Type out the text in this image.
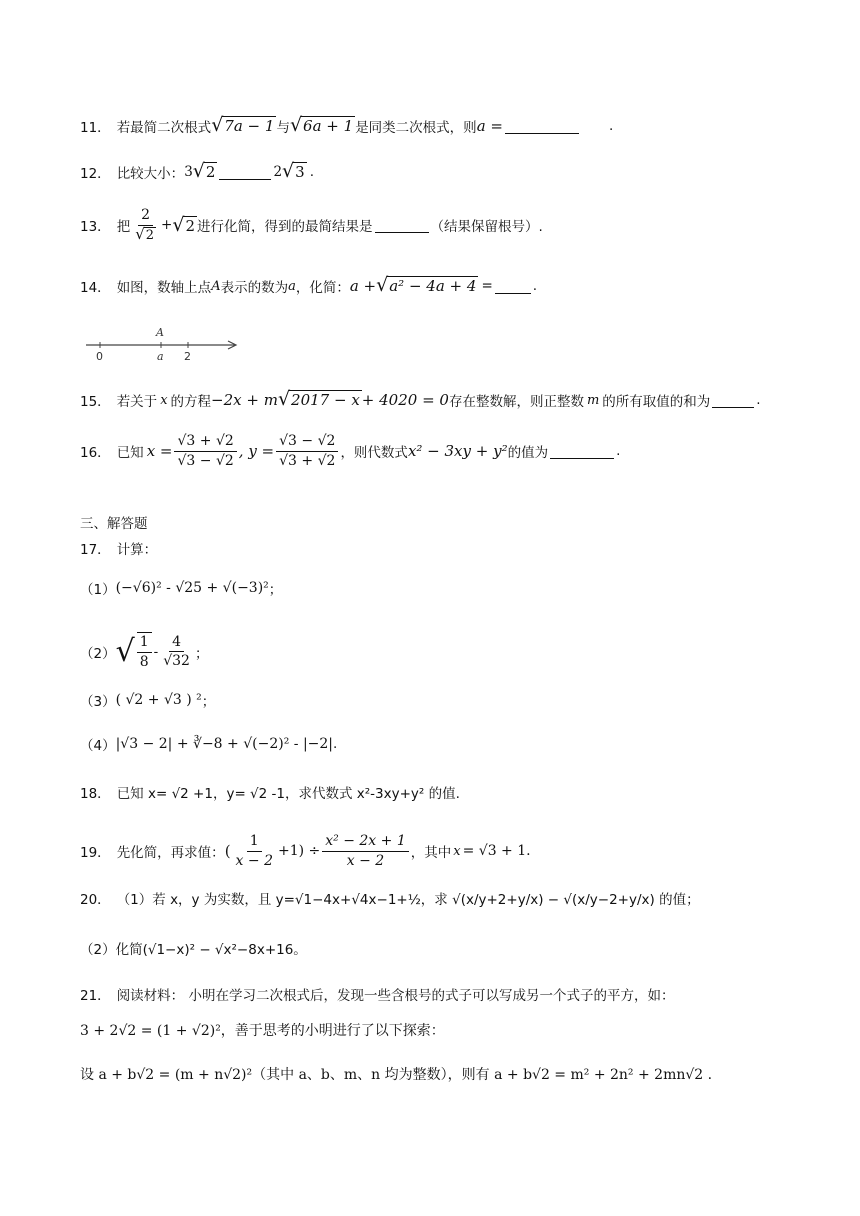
11． 若最简二次根式 √ 7a − 1 与 √ 6a + 1 是同类二次根式，则 a =	.
12． 比较大小： 3 √ 2	2 √ 3 .
13． 把 $\frac{2}{√ 2}$ + √ 2 进行化简，得到的最简结果是	（结果保留根号）.
14． 如图，数轴上点 A 表示的数为 a ，化简： a + √ a² − 4a + 4 =	.
0	a 2
A
15． 若关于 x 的方程 −2x + m √ 2017 − x + 4020 = 0 存在整数解，则正整数 m 的所有取值的和为	.
16． 已知 $x = \frac{√3 + √2}{√3 - √2}$ , $y = \frac{√3 - √2}{√3 + √2}$ ，则代数式 x² − 3xy + y² 的值为	.
三、解答题
17． 计算：
（1） (−√6)² - √25 + √(−3)² ；
（2） √ $\frac{1}{8} - \frac{4}{√32}$ ；
（3） ( √2 + √3 ) ² ；
（4） |√3 − 2| + ∛−8 + √(−2)² - |−2| .
18． 已知 x= √2 +1，y= √2 -1，求代数式 x²-3xy+y² 的值.
19． 先化简，再求值： ( $\frac{1}{x - 2} +1) \div \frac{\text{x² − 2x + 1}}{x - 2}$ ，其中 x = √3 + 1.
20． （1）若 x，y 为实数，且 y=√1−4x+√4x−1+½，求 √(x/y+2+y/x) − √(x/y−2+y/x) 的值；
（2）化简(√1−x)² − √x²−8x+16。
21． 阅读材料： 小明在学习二次根式后，发现一些含根号的式子可以写成另一个式子的平方，如：
3 + 2√2 = (1 + √2)²，善于思考的小明进行了以下探索：
设 a + b√2 = (m + n√2)²（其中 a、b、m、n 均为整数），则有 a + b√2 = m² + 2n² + 2mn√2 .
